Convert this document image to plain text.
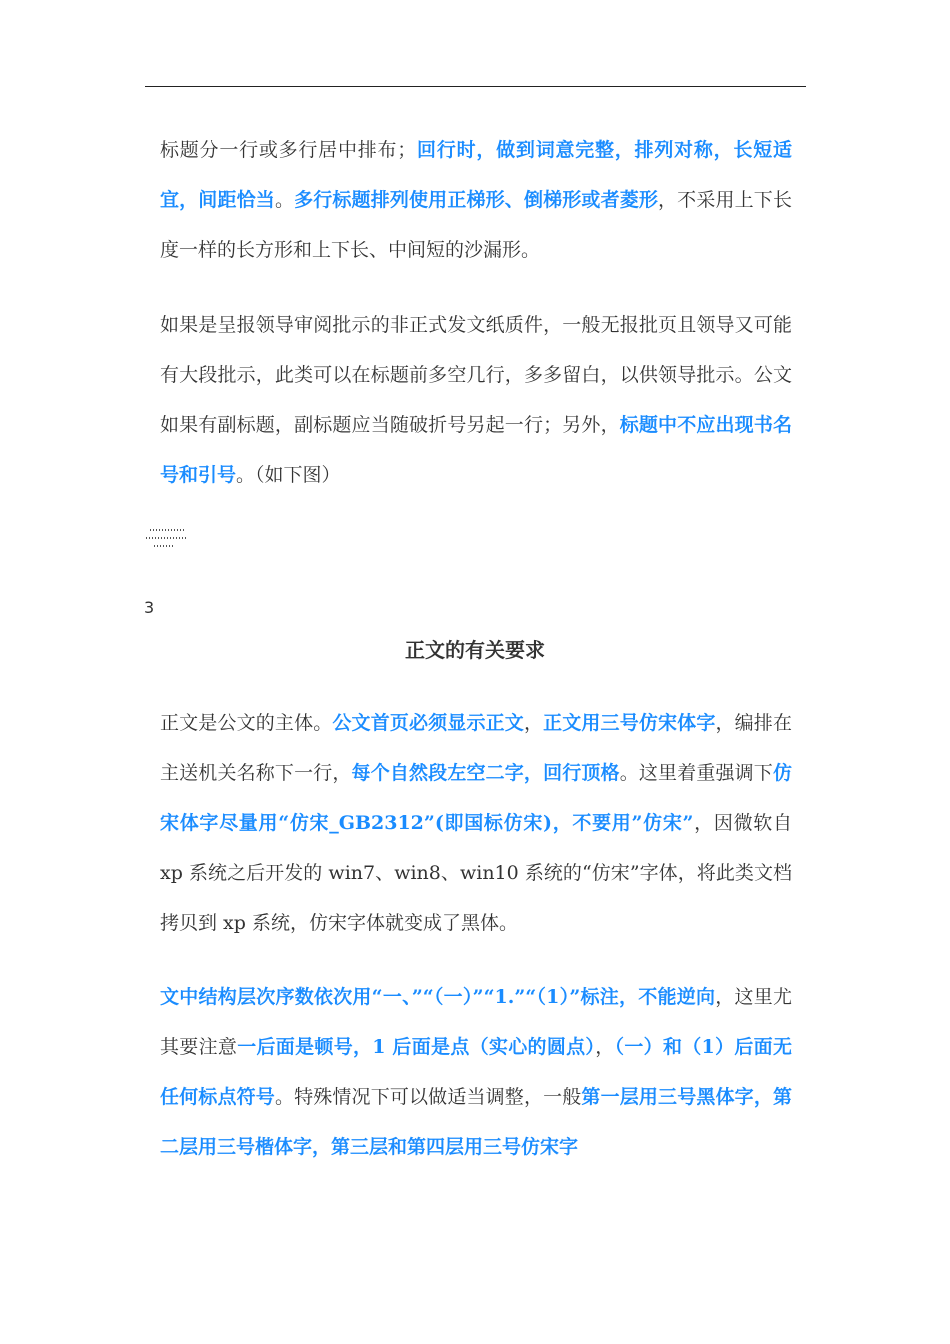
标题分一行或多行居中排布；回行时，做到词意完整，排列对称，长短适宜，间距恰当。多行标题排列使用正梯形、倒梯形或者菱形，不采用上下长度一样的长方形和上下长、中间短的沙漏形。

如果是呈报领导审阅批示的非正式发文纸质件，一般无报批页且领导又可能有大段批示，此类可以在标题前多空几行，多多留白，以供领导批示。公文如果有副标题，副标题应当随破折号另起一行；另外，标题中不应出现书名号和引号。（如下图）

3
正文的有关要求

正文是公文的主体。公文首页必须显示正文，正文用三号仿宋体字，编排在主送机关名称下一行，每个自然段左空二字，回行顶格。这里着重强调下仿宋体字尽量用“仿宋_GB2312”(即国标仿宋)，不要用”仿宋”，因微软自 xp 系统之后开发的 win7、win8、win10 系统的“仿宋”字体，将此类文档拷贝到 xp 系统，仿宋字体就变成了黑体。

文中结构层次序数依次用“一、”“（一）”“1.”“（1）”标注，不能逆向，这里尤其要注意一后面是顿号，1 后面是点（实心的圆点），（一）和（1）后面无任何标点符号。特殊情况下可以做适当调整，一般第一层用三号黑体字，第二层用三号楷体字，第三层和第四层用三号仿宋字
